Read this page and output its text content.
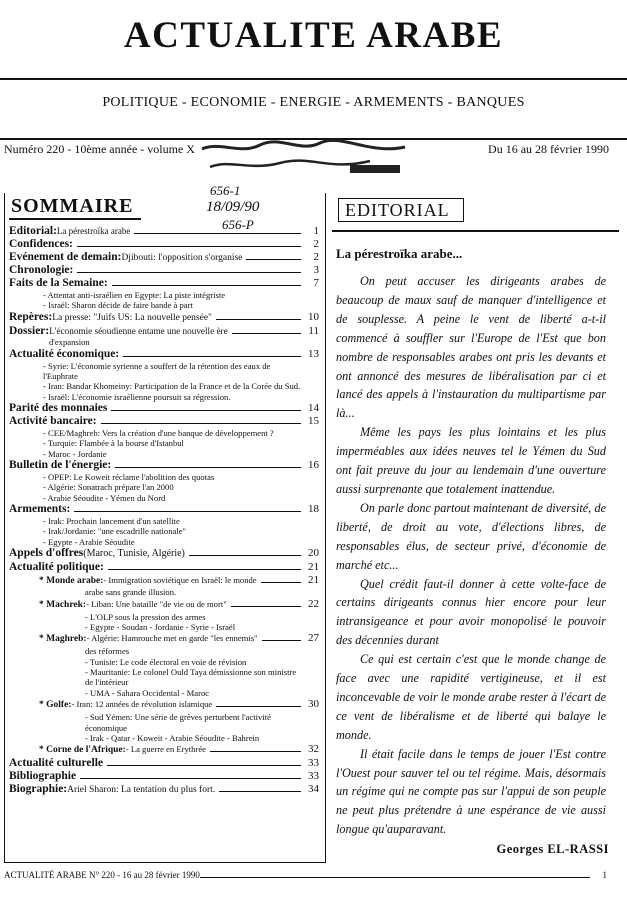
ACTUALITE ARABE
POLITIQUE - ECONOMIE - ENERGIE - ARMEMENTS - BANQUES
Numéro 220 - 10ème année - volume X	Du 16 au 28 février 1990
656-1
18/09/90
656-P
SOMMAIRE
Editorial: La pérestroïka arabe	1
Confidences:	2
Evénement de demain: Djibouti: l'opposition s'organise	2
Chronologie:	3
Faits de la Semaine:	7
- Attentat anti-israélien en Egypte: La piste intégriste
- Israël: Sharon décide de faire bande à part
Repères: La presse: "Juifs US: La nouvelle pensée"	10
Dossier: L'économie séoudienne entame une nouvelle ère	11
d'expansion
Actualité économique:	13
- Syrie: L'économie syrienne a souffert de la rétention des eaux de l'Euphrate
- Iran: Bandar Khomeiny: Participation de la France et de la Corée du Sud.
- Israël: L'économie israélienne poursuit sa régression.
Parité des monnaies	14
Activité bancaire:	15
- CEE/Maghreb: Vers la création d'une banque de développement ?
- Turquie: Flambée à la bourse d'Istanbul
- Maroc - Jordanie
Bulletin de l'énergie:	16
- OPEP: Le Koweit réclame l'abolition des quotas
- Algérie: Sonatrach prépare l'an 2000
- Arabie Séoudite - Yémen du Nord
Armements:	18
- Irak: Prochain lancement d'un satellite
- Irak/Jordanie: "une escadrille nationale"
- Egypte - Arabie Séoudite
Appels d'offres (Maroc, Tunisie, Algérie)	20
Actualité politique:	21
* Monde arabe: - Immigration soviétique en Israël: le monde	21
arabe sans grande illusion.
* Machrek: - Liban: Une bataille "de vie ou de mort"	22
- L'OLP sous la pression des armes
- Egypte - Soudan - Jordanie - Syrie - Israël
* Maghreb: - Algérie: Hamrouche met en garde "les ennemis"	27
des réformes
- Tunisie: Le code électoral en voie de révision
- Mauritanie: Le colonel Ould Taya démissionne son ministre de l'intérieur
- UMA - Sahara Occidental - Maroc
* Golfe: - Iran: 12 années de révolution islamique	30
- Sud Yémen: Une série de grèves perturbent l'activité économique
- Irak - Qatar - Koweit - Arabie Séoudite - Bahrein
* Corne de l'Afrique: - La guerre en Erythrée	32
Actualité culturelle	33
Bibliographie	33
Biographie: Ariel Sharon: La tentation du plus fort.	34
EDITORIAL
La pérestroïka arabe...

On peut accuser les dirigeants arabes de beaucoup de maux sauf de manquer d'intelligence et de souplesse. A peine le vent de liberté a-t-il commencé à souffler sur l'Europe de l'Est que bon nombre de responsables arabes ont pris les devants et ont annoncé des mesures de libéralisation par ci et lancé des appels à l'instauration du multipartisme par là...

Même les pays les plus lointains et les plus imperméables aux idées neuves tel le Yémen du Sud ont fait preuve du jour au lendemain d'une ouverture aussi surprenante que totalement inattendue.

On parle donc partout maintenant de diversité, de liberté, de droit au vote, d'élections libres, de responsables élus, de secteur privé, d'économie de marché etc...

Quel crédit faut-il donner à cette volte-face de certains dirigeants connus hier encore pour leur intransigeance et pour avoir monopolisé le pouvoir des décennies durant

Ce qui est certain c'est que le monde change de face avec une rapidité vertigineuse, et il est inconcevable de voir le monde arabe rester à l'écart de ce vent de libéralisme et de liberté qui balaye le monde.

Il était facile dans le temps de jouer l'Est contre l'Ouest pour sauver tel ou tel régime. Mais, désormais un régime qui ne compte pas sur l'appui de son peuple ne peut plus prétendre à une espérance de vie aussi longue qu'auparavant.

Georges EL-RASSI
ACTUALITÉ ARABE N° 220 - 16 au 28 février 1990	1
